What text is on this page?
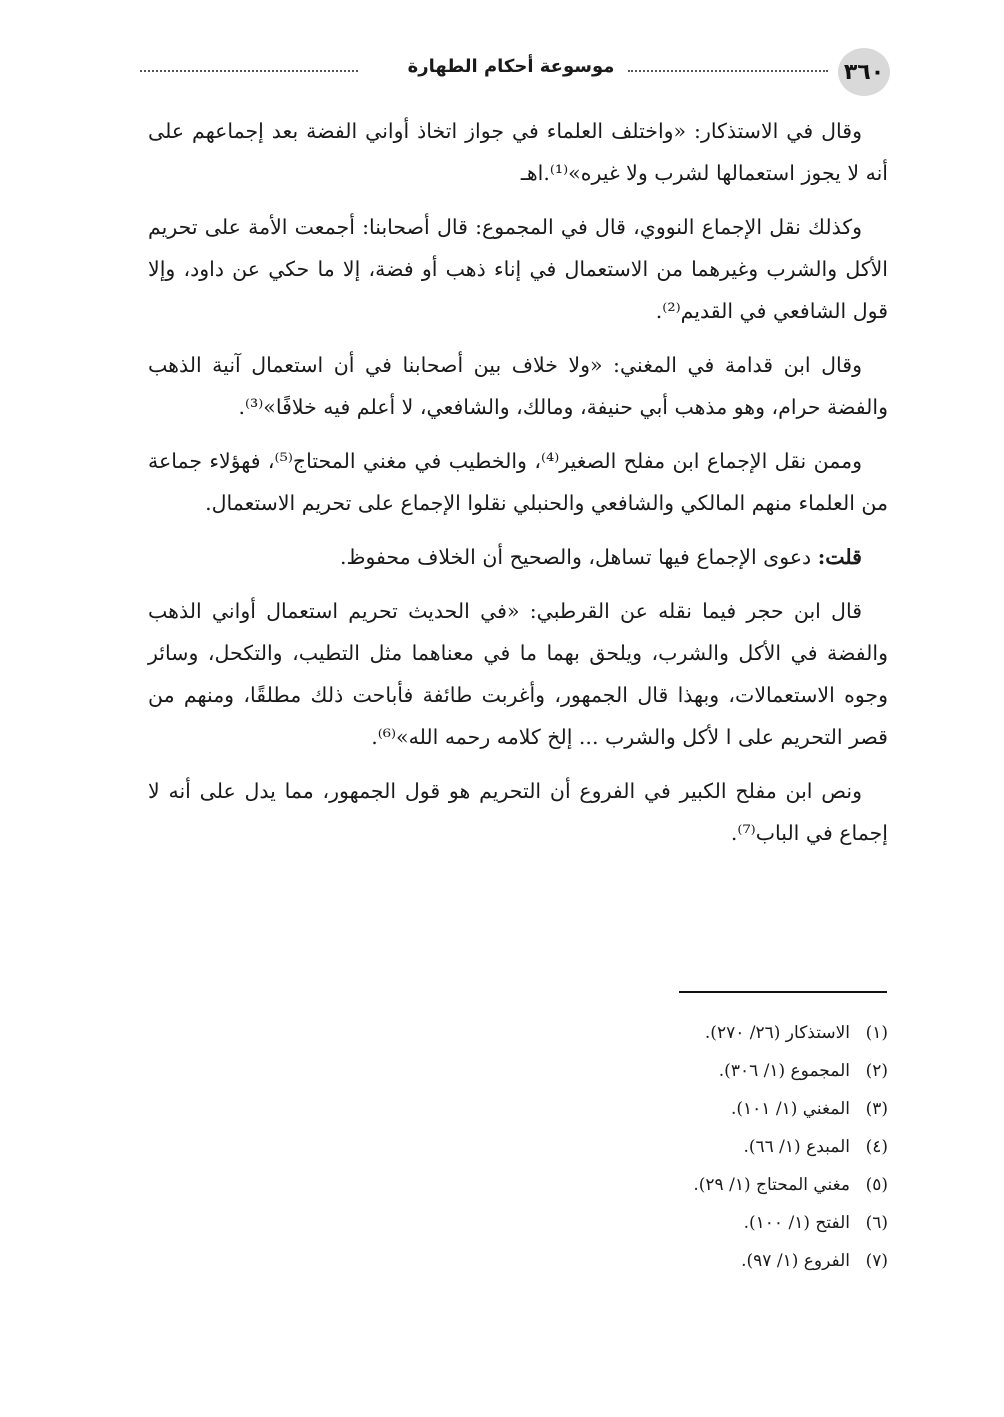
٣٦٠
موسوعة أحكام الطهارة

وقال في الاستذكار: «واختلف العلماء في جواز اتخاذ أواني الفضة بعد إجماعهم على أنه لا يجوز استعمالها لشرب ولا غيره»⁽¹⁾.اهـ

وكذلك نقل الإجماع النووي، قال في المجموع: قال أصحابنا: أجمعت الأمة على تحريم الأكل والشرب وغيرهما من الاستعمال في إناء ذهب أو فضة، إلا ما حكي عن داود، وإلا قول الشافعي في القديم⁽²⁾.

وقال ابن قدامة في المغني: «ولا خلاف بين أصحابنا في أن استعمال آنية الذهب والفضة حرام، وهو مذهب أبي حنيفة، ومالك، والشافعي، لا أعلم فيه خلافًا»⁽³⁾.

وممن نقل الإجماع ابن مفلح الصغير⁽⁴⁾، والخطيب في مغني المحتاج⁽⁵⁾، فهؤلاء جماعة من العلماء منهم المالكي والشافعي والحنبلي نقلوا الإجماع على تحريم الاستعمال.

قلت: دعوى الإجماع فيها تساهل، والصحيح أن الخلاف محفوظ.

قال ابن حجر فيما نقله عن القرطبي: «في الحديث تحريم استعمال أواني الذهب والفضة في الأكل والشرب، ويلحق بهما ما في معناهما مثل التطيب، والتكحل، وسائر وجوه الاستعمالات، وبهذا قال الجمهور، وأغربت طائفة فأباحت ذلك مطلقًا، ومنهم من قصر التحريم على ا لأكل والشرب ... إلخ كلامه رحمه الله»⁽⁶⁾.

ونص ابن مفلح الكبير في الفروع أن التحريم هو قول الجمهور، مما يدل على أنه لا إجماع في الباب⁽⁷⁾.

(١)الاستذكار (٢٦/ ٢٧٠).
(٢)المجموع (١/ ٣٠٦).
(٣)المغني (١/ ١٠١).
(٤)المبدع (١/ ٦٦).
(٥)مغني المحتاج (١/ ٢٩).
(٦)الفتح (١/ ١٠٠).
(٧)الفروع (١/ ٩٧).
